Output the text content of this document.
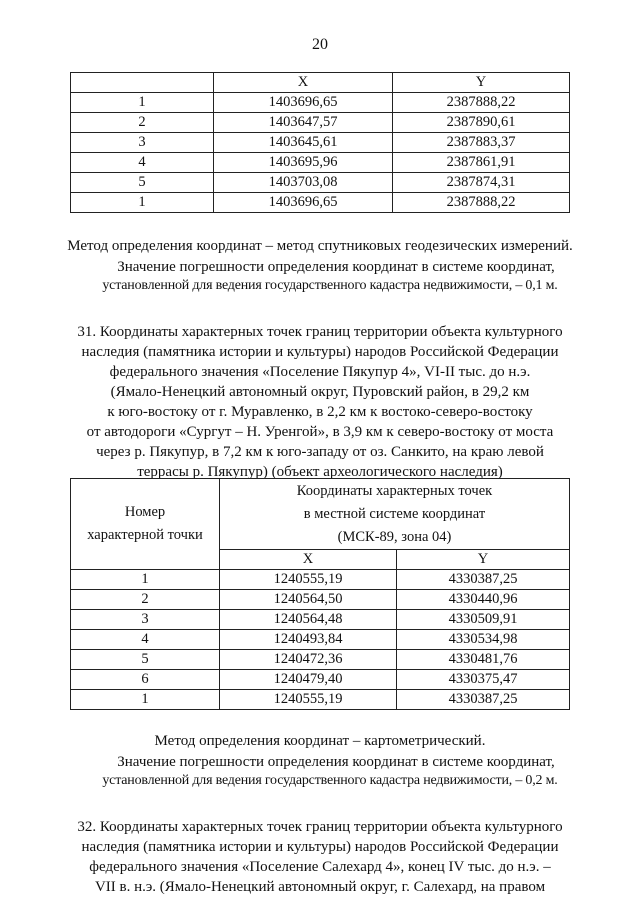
20
	X	Y
1	1403696,65	2387888,22
2	1403647,57	2387890,61
3	1403645,61	2387883,37
4	1403695,96	2387861,91
5	1403703,08	2387874,31
1	1403696,65	2387888,22
Метод определения координат – метод спутниковых геодезических измерений.
Значение погрешности определения координат в системе координат,
установленной для ведения государственного кадастра недвижимости, – 0,1 м.
31. Координаты характерных точек границ территории объекта культурного
наследия (памятника истории и культуры) народов Российской Федерации
федерального значения «Поселение Пякупур 4», VI-II тыс. до н.э.
(Ямало-Ненецкий автономный округ, Пуровский район, в 29,2 км
к юго-востоку от г. Муравленко, в 2,2 км к востоко-северо-востоку
от автодороги «Сургут – Н. Уренгой», в 3,9 км к северо-востоку от моста
через р. Пякупур, в 7,2 км к юго-западу от оз. Санкито, на краю левой
террасы р. Пякупур) (объект археологического наследия)
Номер
характерной точки	Координаты характерных точек
в местной системе координат
(МСК-89, зона 04)	
	X	Y
1	1240555,19	4330387,25
2	1240564,50	4330440,96
3	1240564,48	4330509,91
4	1240493,84	4330534,98
5	1240472,36	4330481,76
6	1240479,40	4330375,47
1	1240555,19	4330387,25
Метод определения координат – картометрический.
Значение погрешности определения координат в системе координат,
установленной для ведения государственного кадастра недвижимости, – 0,2 м.
32. Координаты характерных точек границ территории объекта культурного
наследия (памятника истории и культуры) народов Российской Федерации
федерального значения «Поселение Салехард 4», конец IV тыс. до н.э. –
VII в. н.э. (Ямало-Ненецкий автономный округ, г. Салехард, на правом
